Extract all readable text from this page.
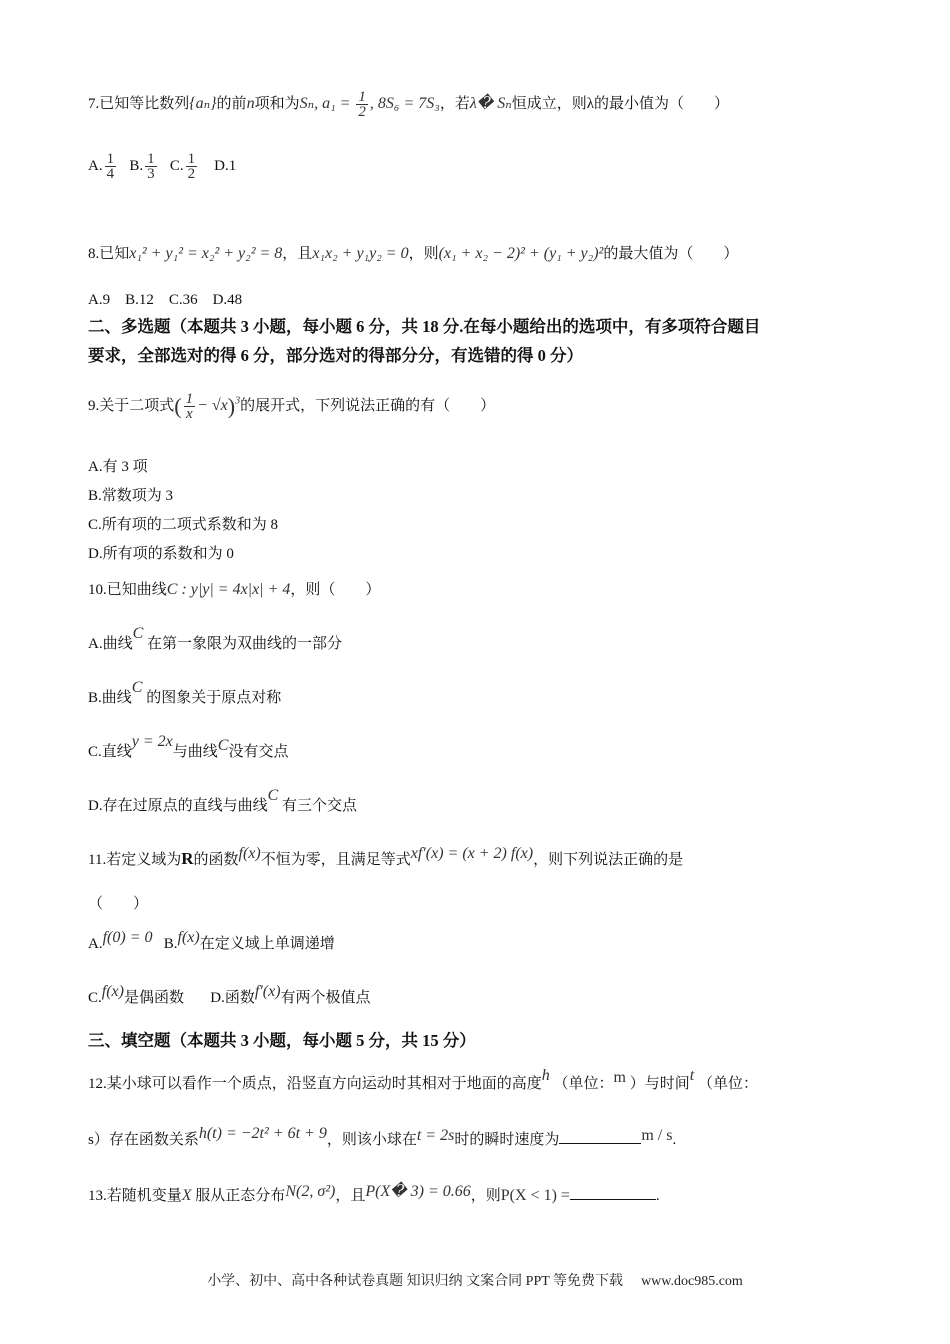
7.已知等比数列{aₙ}的前n项和为Sₙ, $a_1 = \frac{1}{2}$ , 8S₆ = 7S₃，若λ� Sₙ恒成立，则λ的最小值为（　　）
A. $\frac{1}{4} B$. $\frac{1}{3} C$. $\frac{1}{2} D.1$
8.已知x₁² + y₁² = x₂² + y₂² = 8，且x₁x₂ + y₁y₂ = 0，则(x₁ + x₂ − 2)² + (y₁ + y₂)²的最大值为（　　）
A.9　B.12　C.36　D.48
二、多选题（本题共 3 小题，每小题 6 分，共 18 分.在每小题给出的选项中，有多项符合题目
要求，全部选对的得 6 分，部分选对的得部分分，有选错的得 0 分）
9.关于二项式( $\frac{1}{x} - √x)^3$的展开式，下列说法正确的有（　　）
A.有 3 项
B.常数项为 3
C.所有项的二项式系数和为 8
D.所有项的系数和为 0
10.已知曲线C : y|y| = 4x|x| + 4，则（　　）
A.曲线C 在第一象限为双曲线的一部分
B.曲线C 的图象关于原点对称
C.直线y = 2x与曲线C没有交点
D.存在过原点的直线与曲线C 有三个交点
11.若定义域为R的函数f(x)不恒为零，且满足等式xf′(x) = (x + 2) f(x)，则下列说法正确的是
（　　）
A.f(0) = 0 B.f(x)在定义域上单调递增
C.f(x)是偶函数 D.函数f′(x)有两个极值点
三、填空题（本题共 3 小题，每小题 5 分，共 15 分）
12.某小球可以看作一个质点，沿竖直方向运动时其相对于地面的高度h （单位：m ）与时间t （单位：
s）存在函数关系h(t) = −2t² + 6t + 9，则该小球在t = 2s时的瞬时速度为	m / s.
13.若随机变量X 服从正态分布N(2, σ²)，且P(X� 3) = 0.66，则P(X < 1) =	.
小学、初中、高中各种试卷真题 知识归纳 文案合同 PPT 等免费下载 www.doc985.com
